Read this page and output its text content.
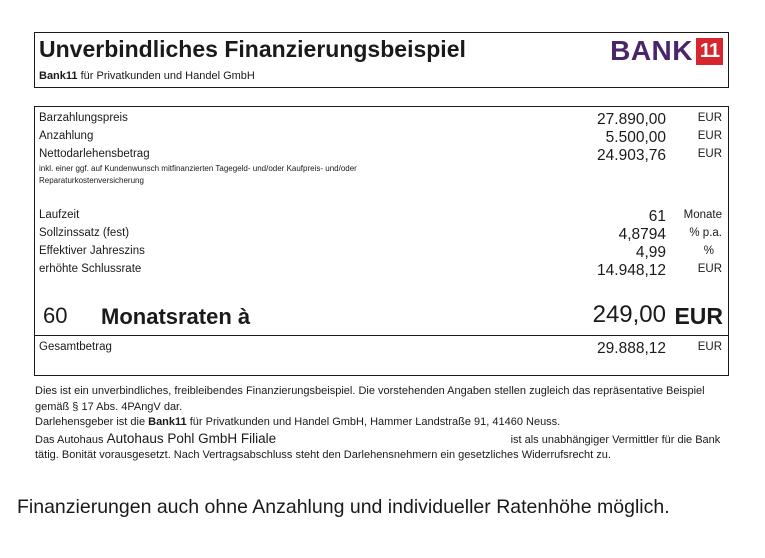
Unverbindliches Finanzierungsbeispiel
Bank11 für Privatkunden und Handel GmbH
BANK 11
Barzahlungspreis	27.890,00	EUR
Anzahlung	5.500,00	EUR
Nettodarlehensbetrag	24.903,76	EUR
inkl. einer ggf. auf Kundenwunsch mitfinanzierten Tagegeld- und/oder Kaufpreis- und/oder Reparaturkostenversicherung
Laufzeit	61 Monate
Sollzinssatz (fest)	4,8794 % p.a.
Effektiver Jahreszins	4,99	%
erhöhte Schlussrate	14.948,12	EUR
60 Monatsraten à	249,00 EUR
Gesamtbetrag	29.888,12	EUR

Dies ist ein unverbindliches, freibleibendes Finanzierungsbeispiel. Die vorstehenden Angaben stellen zugleich das repräsentative Beispiel gemäß § 17 Abs. 4PAngV dar.

Darlehensgeber ist die Bank11 für Privatkunden und Handel GmbH, Hammer Landstraße 91, 41460 Neuss.

Das Autohaus Autohaus Pohl GmbH Filiale	ist als unabhängiger Vermittler für die Bank tätig. Bonität vorausgesetzt. Nach Vertragsabschluss steht den Darlehensnehmern ein gesetzliches Widerrufsrecht zu.

Finanzierungen auch ohne Anzahlung und individueller Ratenhöhe möglich.
